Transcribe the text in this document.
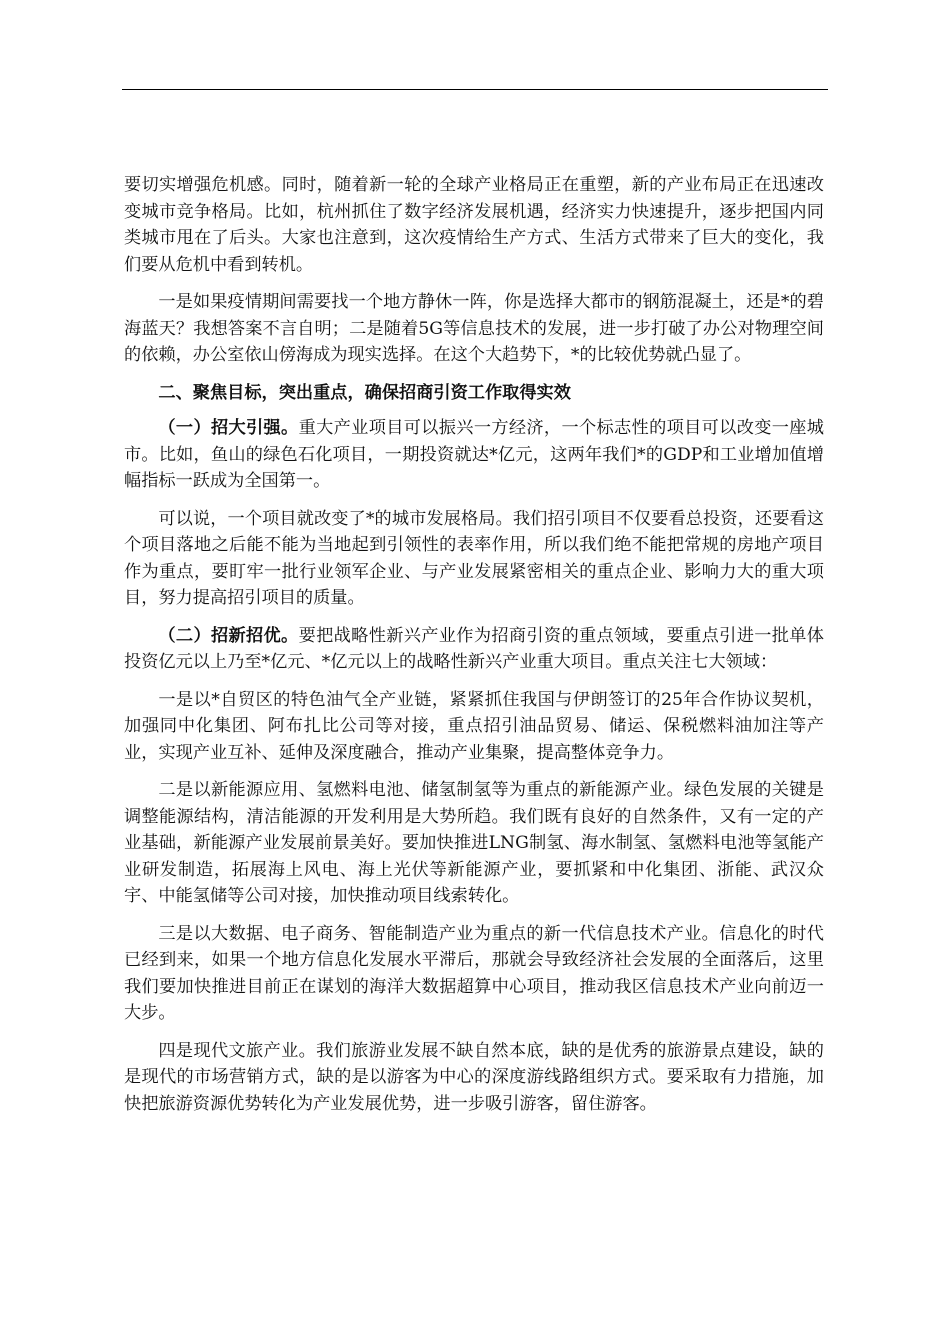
要切实增强危机感。同时，随着新一轮的全球产业格局正在重塑，新的产业布局正在迅速改变城市竞争格局。比如，杭州抓住了数字经济发展机遇，经济实力快速提升，逐步把国内同类城市甩在了后头。大家也注意到，这次疫情给生产方式、生活方式带来了巨大的变化，我们要从危机中看到转机。

一是如果疫情期间需要找一个地方静休一阵，你是选择大都市的钢筋混凝土，还是*的碧海蓝天？我想答案不言自明；二是随着5G等信息技术的发展，进一步打破了办公对物理空间的依赖，办公室依山傍海成为现实选择。在这个大趋势下，*的比较优势就凸显了。

二、聚焦目标，突出重点，确保招商引资工作取得实效

（一）招大引强。重大产业项目可以振兴一方经济，一个标志性的项目可以改变一座城市。比如，鱼山的绿色石化项目，一期投资就达*亿元，这两年我们*的GDP和工业增加值增幅指标一跃成为全国第一。

可以说，一个项目就改变了*的城市发展格局。我们招引项目不仅要看总投资，还要看这个项目落地之后能不能为当地起到引领性的表率作用，所以我们绝不能把常规的房地产项目作为重点，要盯牢一批行业领军企业、与产业发展紧密相关的重点企业、影响力大的重大项目，努力提高招引项目的质量。

（二）招新招优。要把战略性新兴产业作为招商引资的重点领域，要重点引进一批单体投资亿元以上乃至*亿元、*亿元以上的战略性新兴产业重大项目。重点关注七大领域：

一是以*自贸区的特色油气全产业链，紧紧抓住我国与伊朗签订的25年合作协议契机，加强同中化集团、阿布扎比公司等对接，重点招引油品贸易、储运、保税燃料油加注等产业，实现产业互补、延伸及深度融合，推动产业集聚，提高整体竞争力。

二是以新能源应用、氢燃料电池、储氢制氢等为重点的新能源产业。绿色发展的关键是调整能源结构，清洁能源的开发利用是大势所趋。我们既有良好的自然条件，又有一定的产业基础，新能源产业发展前景美好。要加快推进LNG制氢、海水制氢、氢燃料电池等氢能产业研发制造，拓展海上风电、海上光伏等新能源产业，要抓紧和中化集团、浙能、武汉众宇、中能氢储等公司对接，加快推动项目线索转化。

三是以大数据、电子商务、智能制造产业为重点的新一代信息技术产业。信息化的时代已经到来，如果一个地方信息化发展水平滞后，那就会导致经济社会发展的全面落后，这里我们要加快推进目前正在谋划的海洋大数据超算中心项目，推动我区信息技术产业向前迈一大步。

四是现代文旅产业。我们旅游业发展不缺自然本底，缺的是优秀的旅游景点建设，缺的是现代的市场营销方式，缺的是以游客为中心的深度游线路组织方式。要采取有力措施，加快把旅游资源优势转化为产业发展优势，进一步吸引游客，留住游客。
